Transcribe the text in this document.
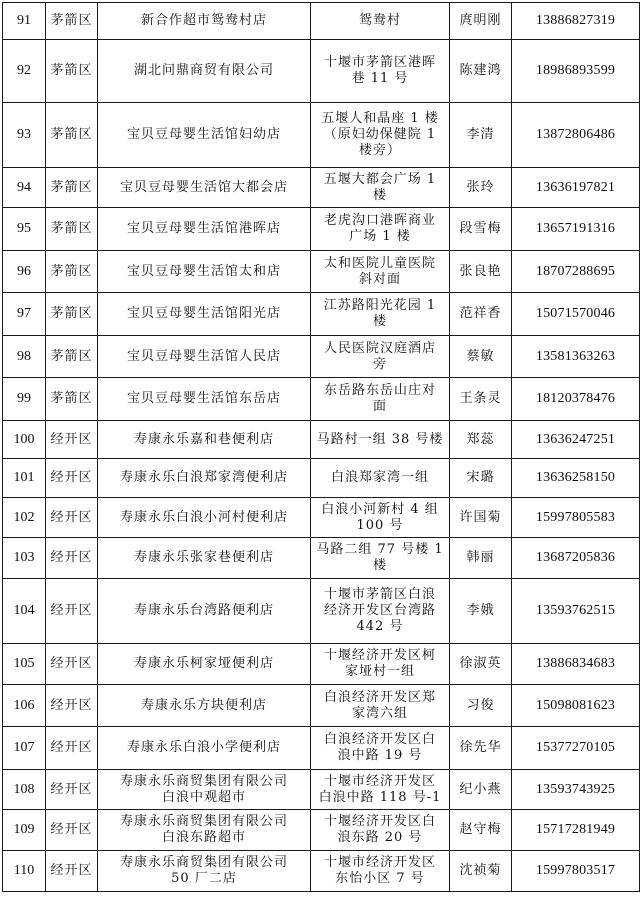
91	茅箭区	新合作超市鸳鸯村店	鸳鸯村	庹明刚	13886827319
92	茅箭区	湖北问鼎商贸有限公司	十堰市茅箭区港晖
巷 11 号	陈建鸿	18986893599
93	茅箭区	宝贝豆母婴生活馆妇幼店	五堰人和晶座 1 楼
（原妇幼保健院 1
楼旁）	李清	13872806486
94	茅箭区	宝贝豆母婴生活馆大都会店	五堰大都会广场 1
楼	张玲	13636197821
95	茅箭区	宝贝豆母婴生活馆港晖店	老虎沟口港晖商业
广场 1 楼	段雪梅	13657191316
96	茅箭区	宝贝豆母婴生活馆太和店	太和医院儿童医院
斜对面	张良艳	18707288695
97	茅箭区	宝贝豆母婴生活馆阳光店	江苏路阳光花园 1
楼	范祥香	15071570046
98	茅箭区	宝贝豆母婴生活馆人民店	人民医院汉庭酒店
旁	蔡敏	13581363263
99	茅箭区	宝贝豆母婴生活馆东岳店	东岳路东岳山庄对
面	王条灵	18120378476
100	经开区	寿康永乐嘉和巷便利店	马路村一组 38 号楼	郑蕊	13636247251
101	经开区	寿康永乐白浪郑家湾便利店	白浪郑家湾一组	宋璐	13636258150
102	经开区	寿康永乐白浪小河村便利店	白浪小河新村 4 组
100 号	许国菊	15997805583
103	经开区	寿康永乐张家巷便利店	马路二组 77 号楼 1
楼	韩丽	13687205836
104	经开区	寿康永乐台湾路便利店	十堰市茅箭区白浪
经济开发区台湾路
442 号	李娥	13593762515
105	经开区	寿康永乐柯家垭便利店	十堰经济开发区柯
家垭村一组	徐淑英	13886834683
106	经开区	寿康永乐方块便利店	白浪经济开发区郑
家湾六组	习俊	15098081623
107	经开区	寿康永乐白浪小学便利店	白浪经济开发区白
浪中路 19 号	徐先华	15377270105
108	经开区	寿康永乐商贸集团有限公司
白浪中观超市	十堰市经济开发区
白浪中路 118 号-1	纪小燕	13593743925
109	经开区	寿康永乐商贸集团有限公司
白浪东路超市	十堰经济开发区白
浪东路 20 号	赵守梅	15717281949
110	经开区	寿康永乐商贸集团有限公司
50 厂二店	十堰市经济开发区
东怡小区 7 号	沈祯菊	15997803517
